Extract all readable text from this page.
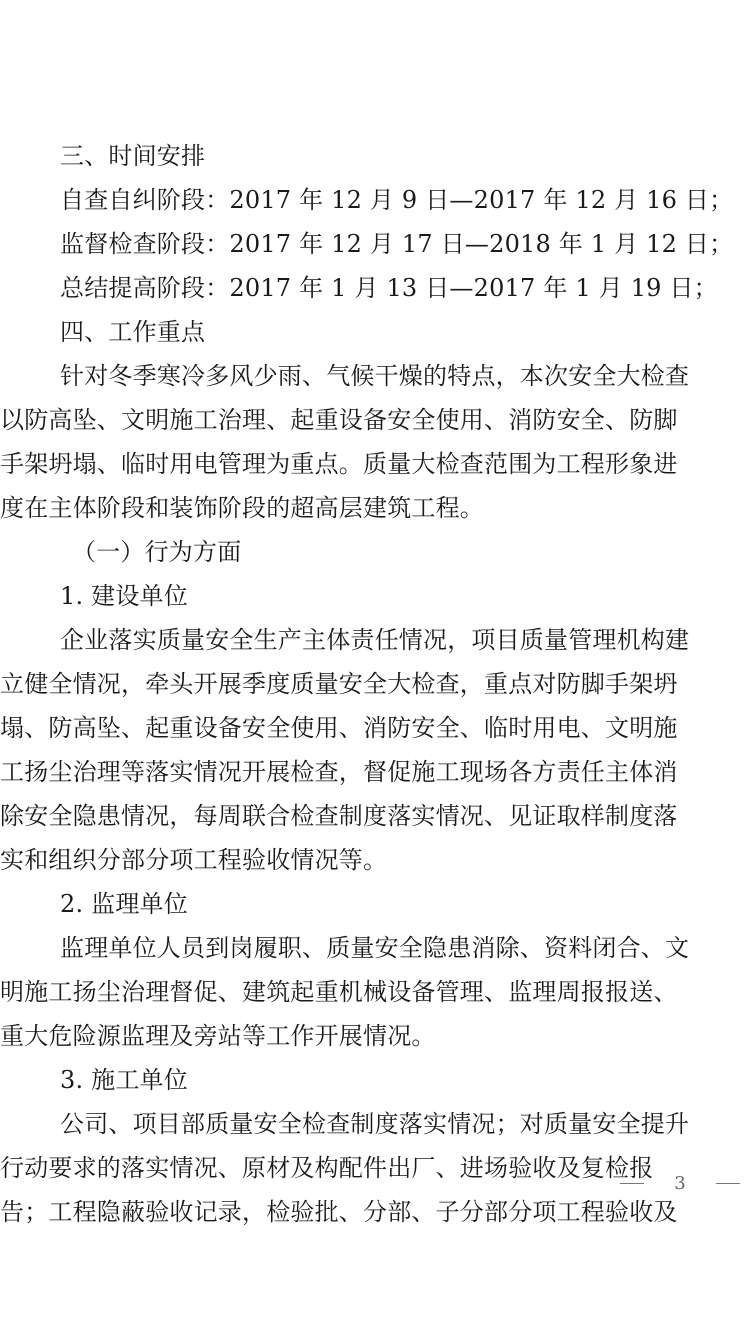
三、时间安排
自查自纠阶段：2017 年 12 月 9 日—2017 年 12 月 16 日；
监督检查阶段：2017 年 12 月 17 日—2018 年 1 月 12 日；
总结提高阶段：2017 年 1 月 13 日—2017 年 1 月 19 日；
四、工作重点
针对冬季寒冷多风少雨、气候干燥的特点，本次安全大检查
以防高坠、文明施工治理、起重设备安全使用、消防安全、防脚
手架坍塌、临时用电管理为重点。质量大检查范围为工程形象进
度在主体阶段和装饰阶段的超高层建筑工程。
（一）行为方面
1. 建设单位
企业落实质量安全生产主体责任情况，项目质量管理机构建
立健全情况，牵头开展季度质量安全大检查，重点对防脚手架坍
塌、防高坠、起重设备安全使用、消防安全、临时用电、文明施
工扬尘治理等落实情况开展检查，督促施工现场各方责任主体消
除安全隐患情况，每周联合检查制度落实情况、见证取样制度落
实和组织分部分项工程验收情况等。
2. 监理单位
监理单位人员到岗履职、质量安全隐患消除、资料闭合、文
明施工扬尘治理督促、建筑起重机械设备管理、监理周报报送、
重大危险源监理及旁站等工作开展情况。
3. 施工单位
公司、项目部质量安全检查制度落实情况；对质量安全提升
行动要求的落实情况、原材及构配件出厂、进场验收及复检报
告；工程隐蔽验收记录，检验批、分部、子分部分项工程验收及
3
